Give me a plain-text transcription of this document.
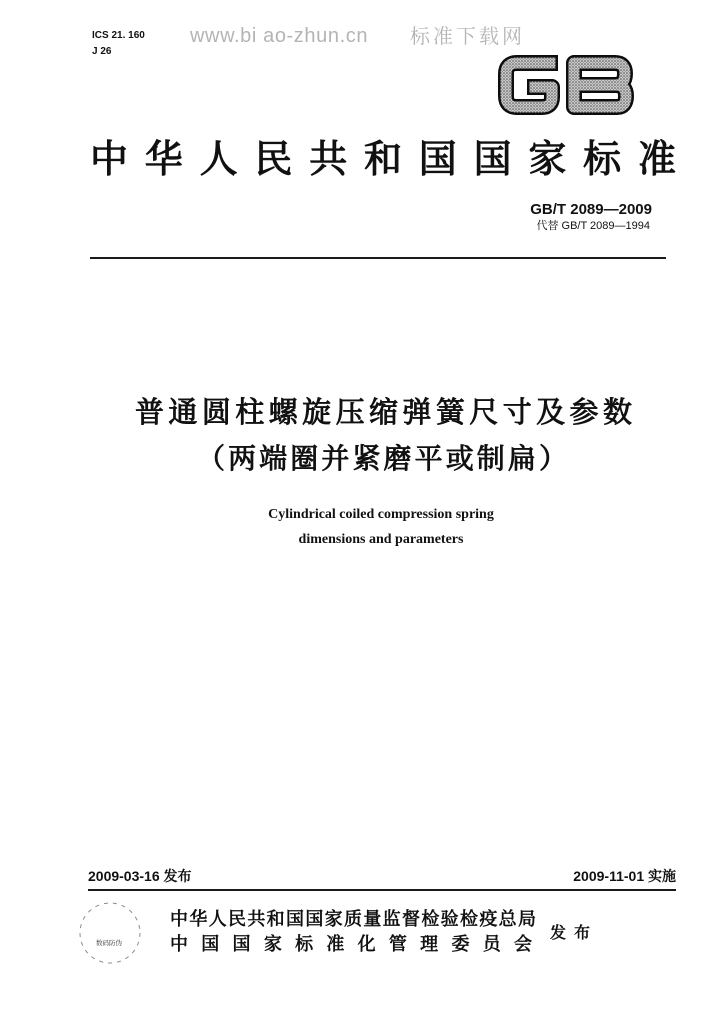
ICS 21. 160
J 26
www.bi ao-zhun.cn 标准下载网
中华人民共和国国家标准
GB/T 2089—2009
代替 GB/T 2089—1994
普通圆柱螺旋压缩弹簧尺寸及参数
（两端圈并紧磨平或制扁）
Cylindrical coiled compression spring
dimensions and parameters
2009-03-16 发布	2009-11-01 实施
数码防伪
中华人民共和国国家质量监督检验检疫总局
中国国家标准化管理委员会
发布
